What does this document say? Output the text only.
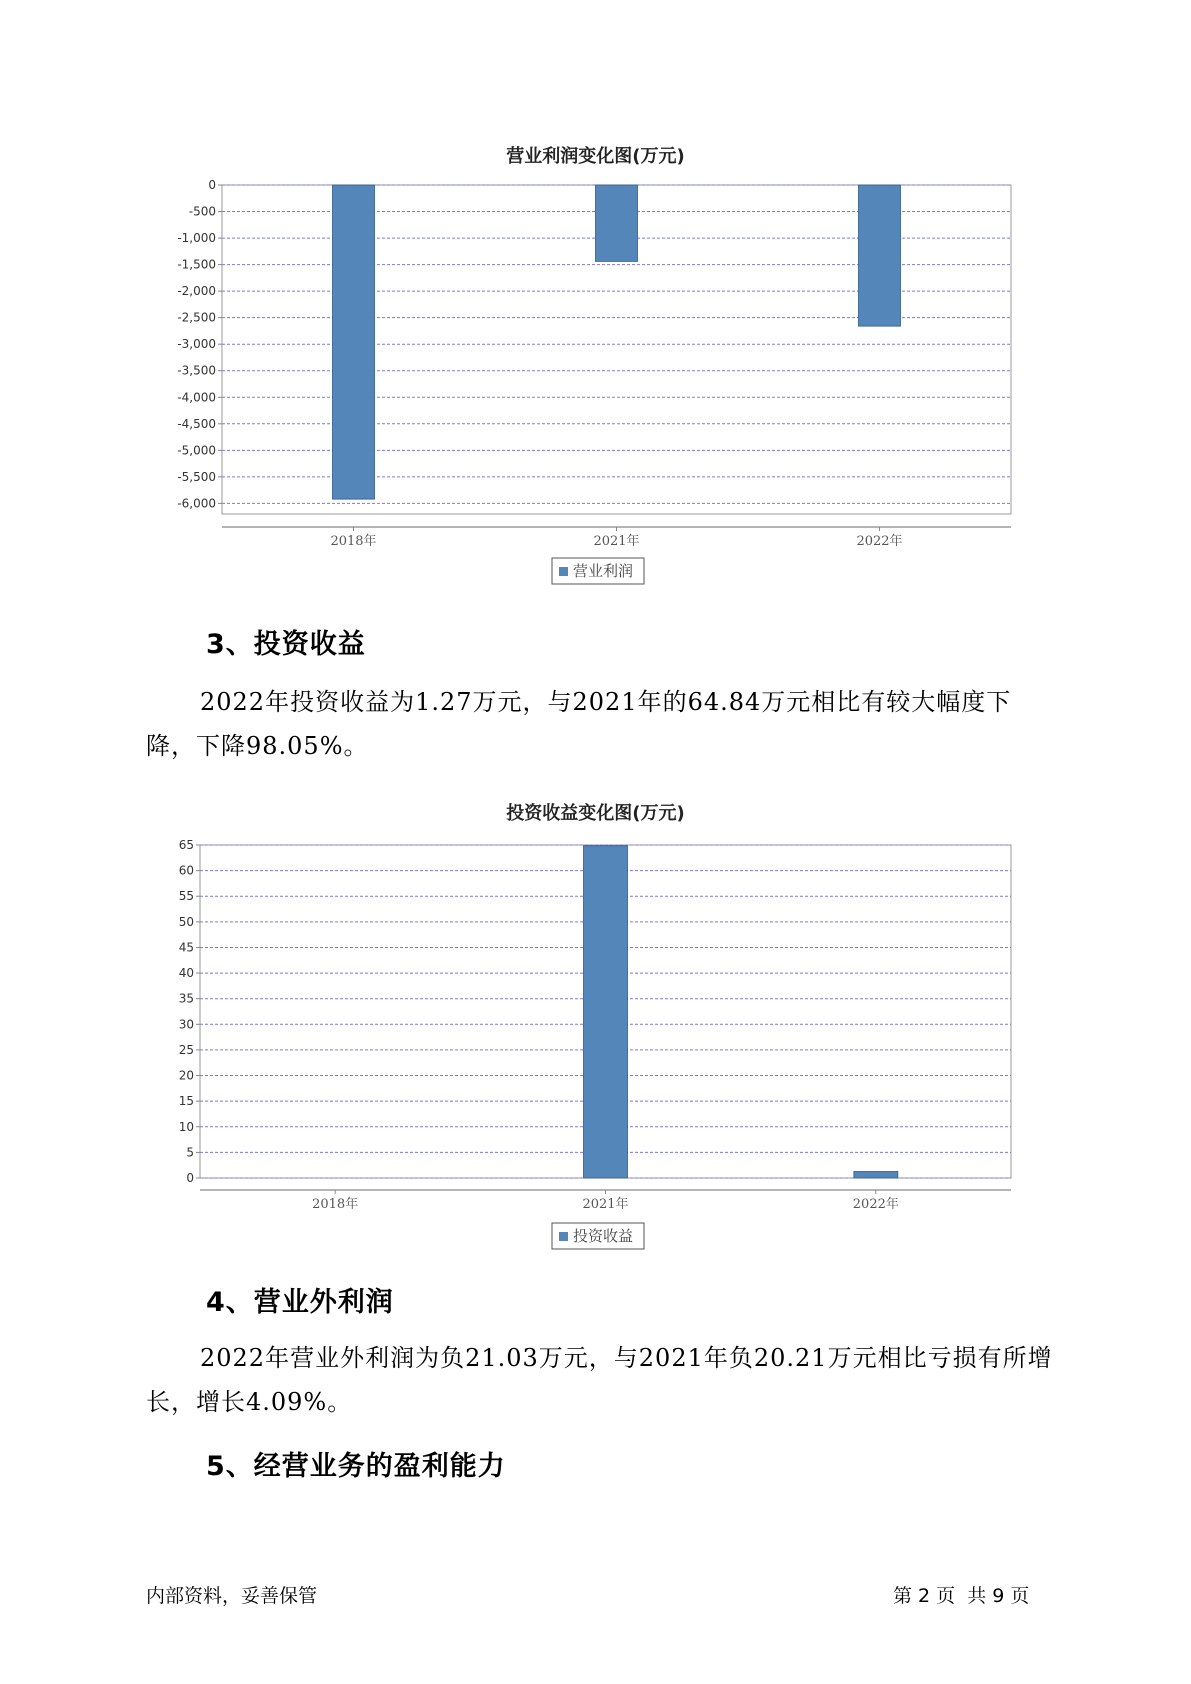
营业利润变化图(万元)
0
-500
-1,000
-1,500
-2,000
-2,500
-3,000
-3,500
-4,000
-4,500
-5,000
-5,500
-6,000
2018年	2021年	2022年
营业利润
3、投资收益
2022年投资收益为1.27万元，与2021年的64.84万元相比有较大幅度下降，下降98.05%。
投资收益变化图(万元)
65
60
55
50
45
40
35
30
25
20
15
10
5
0
2018年	2021年	2022年
投资收益
4、营业外利润
2022年营业外利润为负21.03万元，与2021年负20.21万元相比亏损有所增长，增长4.09%。
5、经营业务的盈利能力
内部资料，妥善保管	第 2 页  共 9 页
